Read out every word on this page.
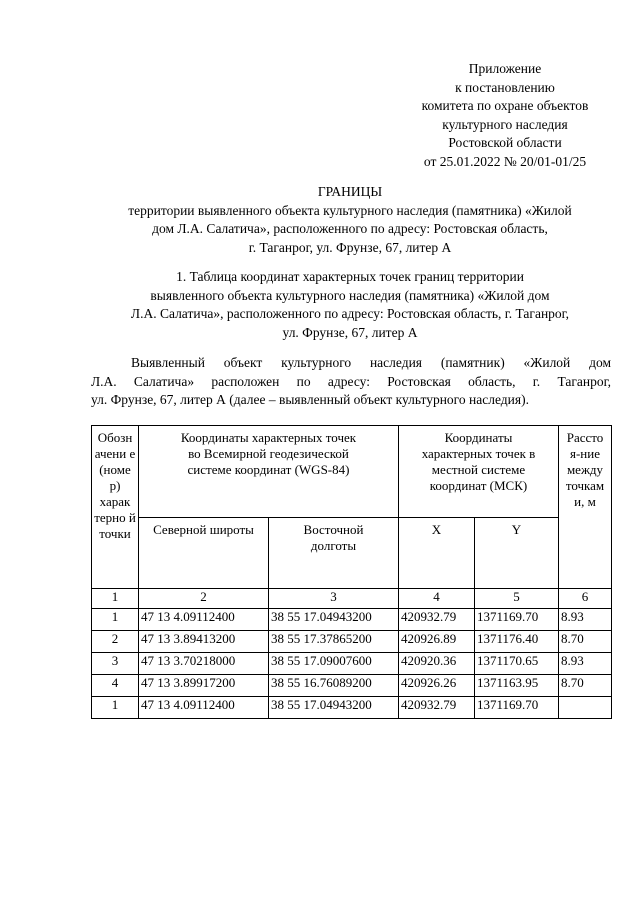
Приложение
к постановлению
комитета по охране объектов
культурного наследия
Ростовской области
от 25.01.2022 № 20/01-01/25
ГРАНИЦЫ
территории выявленного объекта культурного наследия (памятника) «Жилой
дом Л.А. Салатича», расположенного по адресу: Ростовская область,
г. Таганрог, ул. Фрунзе, 67, литер А
1. Таблица координат характерных точек границ территории
выявленного объекта культурного наследия (памятника) «Жилой дом
Л.А. Салатича», расположенного по адресу: Ростовская область, г. Таганрог,
ул. Фрунзе, 67, литер А
Выявленный объект культурного наследия (памятник) «Жилой дом
Л.А. Салатича» расположен по адресу: Ростовская область, г. Таганрог,
ул. Фрунзе, 67, литер А (далее – выявленный объект культурного наследия).
Обозн ачени е (номе р) харак терно й точки	Координаты характерных точек во Всемирной геодезической системе координат (WGS-84)		Координаты характерных точек в местной системе координат (МСК)		Рассто я-ние между точкам и, м
	Северной широты	Восточной долготы	X	Y	
1	2	3	4	5	6
1	47 13 4.09112400	38 55 17.04943200	420932.79	1371169.70	8.93
2	47 13 3.89413200	38 55 17.37865200	420926.89	1371176.40	8.70
3	47 13 3.70218000	38 55 17.09007600	420920.36	1371170.65	8.93
4	47 13 3.89917200	38 55 16.76089200	420926.26	1371163.95	8.70
1	47 13 4.09112400	38 55 17.04943200	420932.79	1371169.70	
